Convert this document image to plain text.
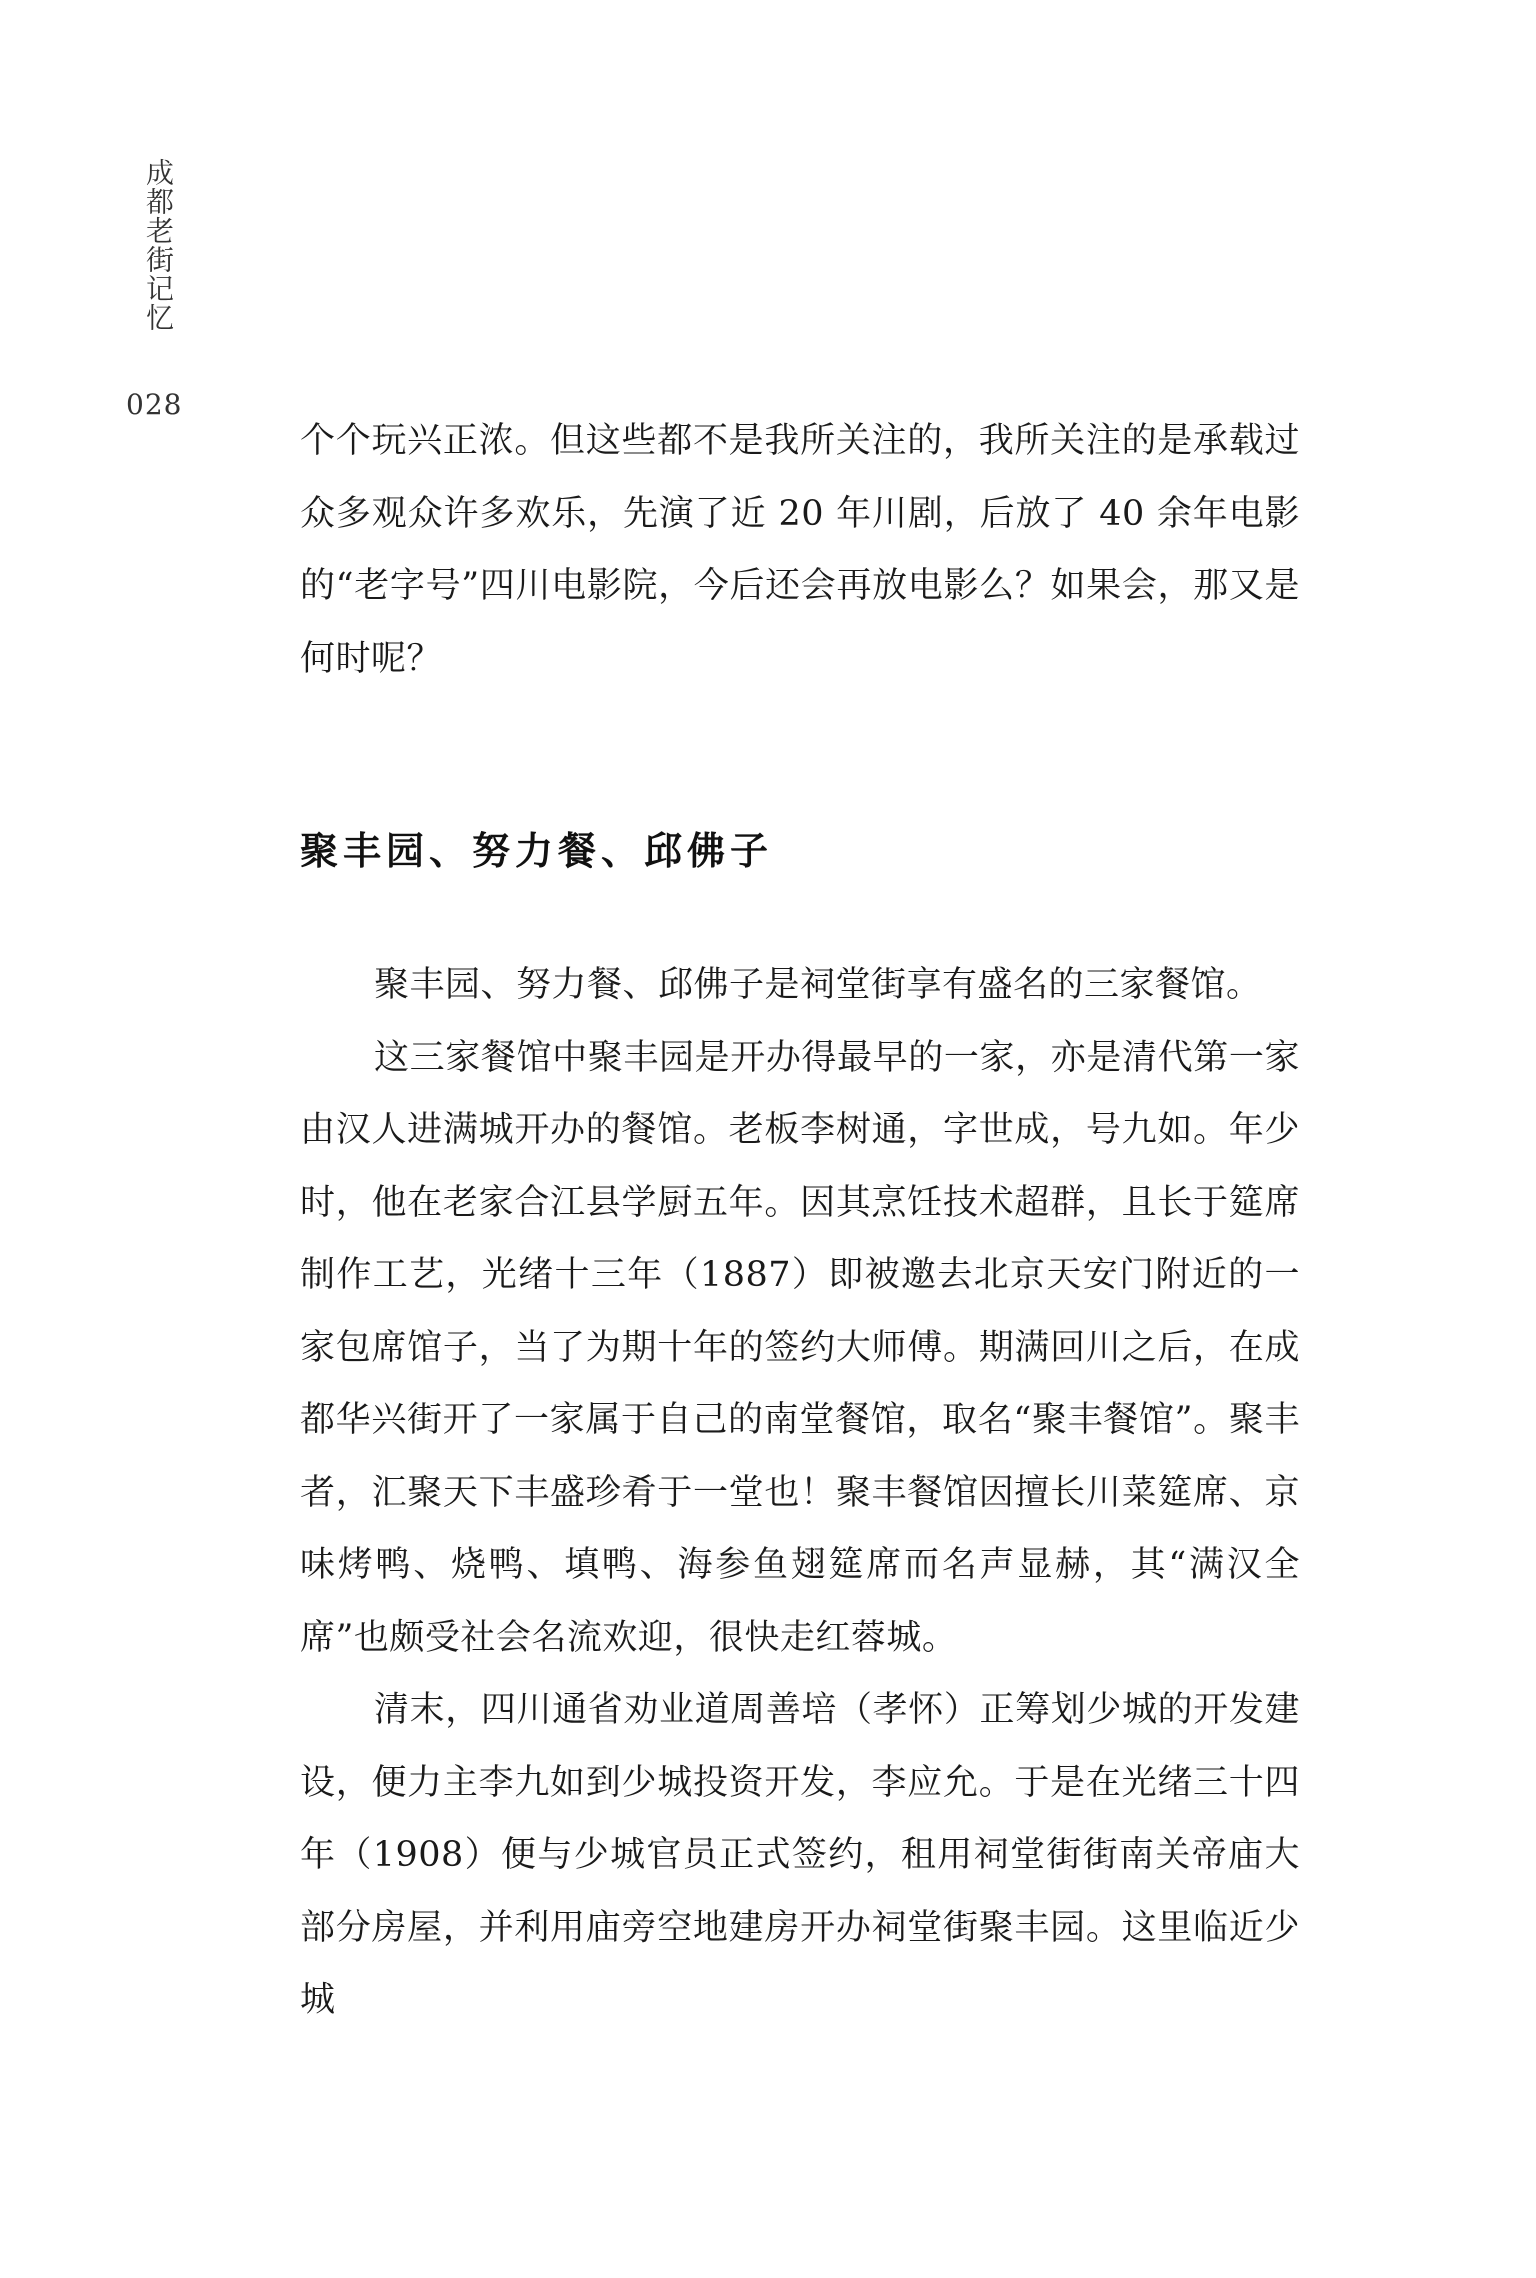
成都老街记忆
028

个个玩兴正浓。但这些都不是我所关注的，我所关注的是承载过众多观众许多欢乐，先演了近 20 年川剧，后放了 40 余年电影的“老字号”四川电影院，今后还会再放电影么？如果会，那又是何时呢？

聚丰园、努力餐、邱佛子

聚丰园、努力餐、邱佛子是祠堂街享有盛名的三家餐馆。

这三家餐馆中聚丰园是开办得最早的一家，亦是清代第一家由汉人进满城开办的餐馆。老板李树通，字世成，号九如。年少时，他在老家合江县学厨五年。因其烹饪技术超群，且长于筵席制作工艺，光绪十三年（1887）即被邀去北京天安门附近的一家包席馆子，当了为期十年的签约大师傅。期满回川之后，在成都华兴街开了一家属于自己的南堂餐馆，取名“聚丰餐馆”。聚丰者，汇聚天下丰盛珍肴于一堂也！聚丰餐馆因擅长川菜筵席、京味烤鸭、烧鸭、填鸭、海参鱼翅筵席而名声显赫，其“满汉全席”也颇受社会名流欢迎，很快走红蓉城。

清末，四川通省劝业道周善培（孝怀）正筹划少城的开发建设，便力主李九如到少城投资开发，李应允。于是在光绪三十四年（1908）便与少城官员正式签约，租用祠堂街街南关帝庙大部分房屋，并利用庙旁空地建房开办祠堂街聚丰园。这里临近少城
